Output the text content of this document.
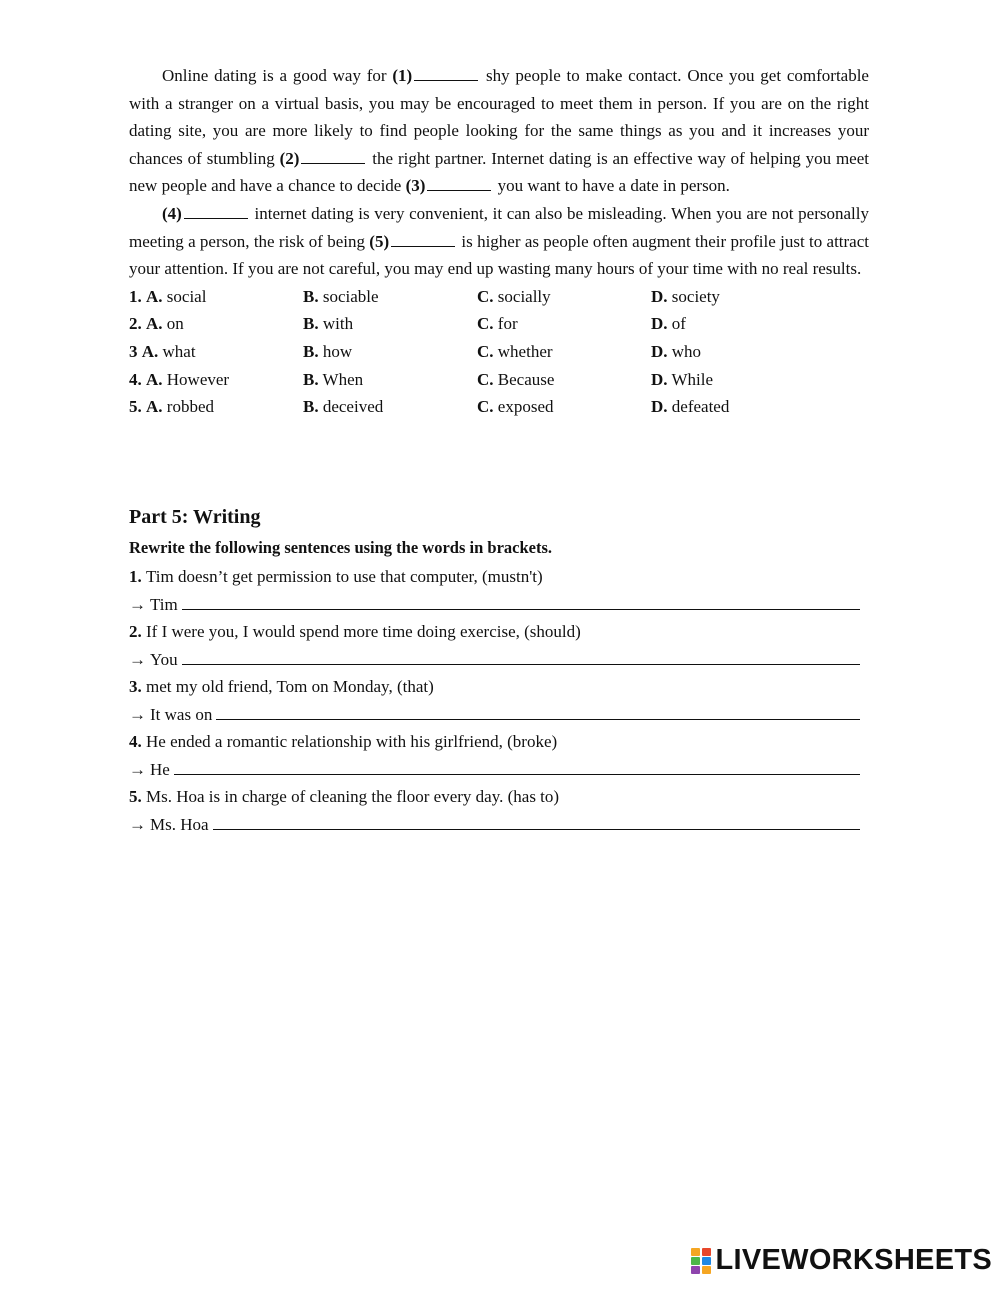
Online dating is a good way for (1)	shy people to make contact. Once you get comfortable with a stranger on a virtual basis, you may be encouraged to meet them in person. If you are on the right dating site, you are more likely to find people looking for the same things as you and it increases your chances of stumbling (2)	the right partner. Internet dating is an effective way of helping you meet new people and have a chance to decide (3)	you want to have a date in person.

(4)	internet dating is very convenient, it can also be misleading. When you are not personally meeting a person, the risk of being (5)	is higher as people often augment their profile just to attract your attention. If you are not careful, you may end up wasting many hours of your time with no real results.

1. A. social	B. sociable	C. socially	D. society
2. A. on	B. with	C. for	D. of
3 A. what	B. how	C. whether	D. who
4. A. However	B. When	C. Because	D. While
5. A. robbed	B. deceived	C. exposed	D. defeated
Part 5: Writing

Rewrite the following sentences using the words in brackets.

1.
Tim doesn’t get permission to use that computer, (mustn't)
→ Tim
2.
If I were you, I would spend more time doing exercise, (should)
→ You
3.
met my old friend, Tom on Monday, (that)
→ It was on
4.
He ended a romantic relationship with his girlfriend, (broke)
→ He
5.
Ms. Hoa is in charge of cleaning the floor every day. (has to)
→ Ms. Hoa
LIVEWORKSHEETS
